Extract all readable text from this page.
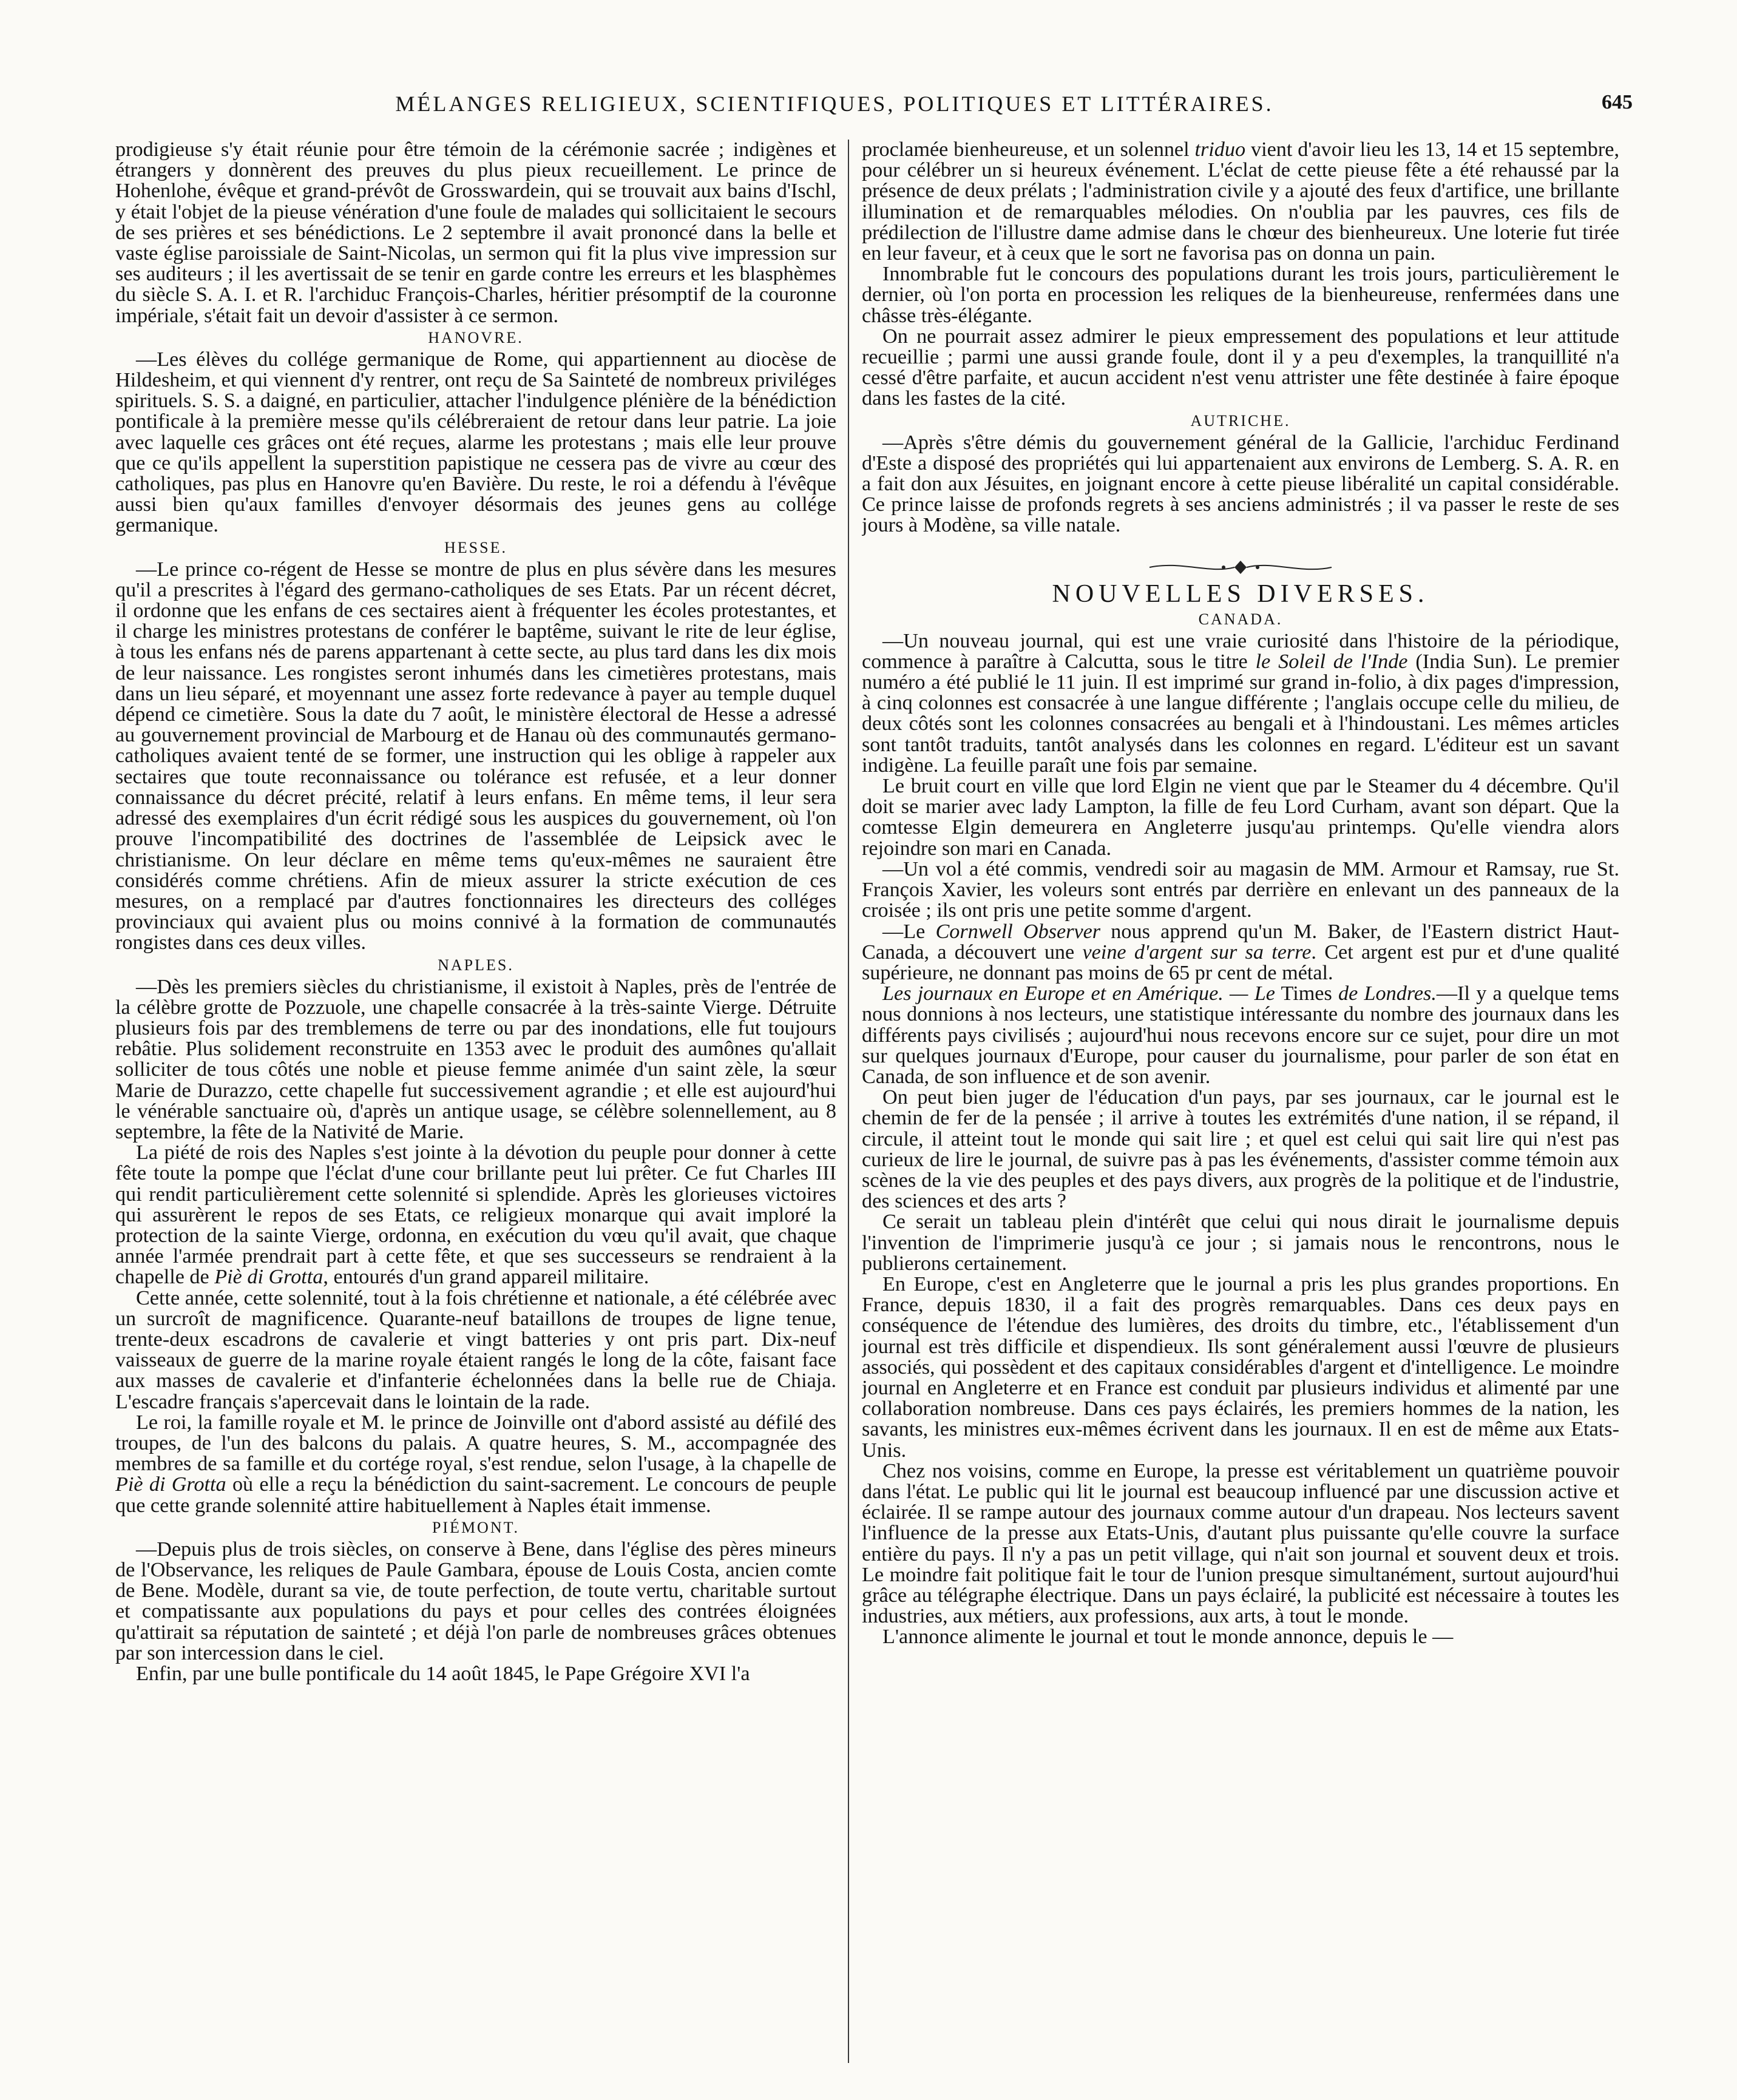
MÉLANGES RELIGIEUX, SCIENTIFIQUES, POLITIQUES ET LITTÉRAIRES.	645

prodigieuse s'y était réunie pour être témoin de la cérémonie sacrée ; indigènes et étrangers y donnèrent des preuves du plus pieux recueillement. Le prince de Hohenlohe, évêque et grand-prévôt de Grosswardein, qui se trouvait aux bains d'Ischl, y était l'objet de la pieuse vénération d'une foule de malades qui sollicitaient le secours de ses prières et ses bénédictions. Le 2 septembre il avait prononcé dans la belle et vaste église paroissiale de Saint-Nicolas, un sermon qui fit la plus vive impression sur ses auditeurs ; il les avertissait de se tenir en garde contre les erreurs et les blasphèmes du siècle S. A. I. et R. l'archiduc François-Charles, héritier présomptif de la couronne impériale, s'était fait un devoir d'assister à ce sermon.

HANOVRE.

—Les élèves du collége germanique de Rome, qui appartiennent au diocèse de Hildesheim, et qui viennent d'y rentrer, ont reçu de Sa Sainteté de nombreux priviléges spirituels. S. S. a daigné, en particulier, attacher l'indulgence plénière de la bénédiction pontificale à la première messe qu'ils célébreraient de retour dans leur patrie. La joie avec laquelle ces grâces ont été reçues, alarme les protestans ; mais elle leur prouve que ce qu'ils appellent la superstition papistique ne cessera pas de vivre au cœur des catholiques, pas plus en Hanovre qu'en Bavière. Du reste, le roi a défendu à l'évêque aussi bien qu'aux familles d'envoyer désormais des jeunes gens au collége germanique.

HESSE.

—Le prince co-régent de Hesse se montre de plus en plus sévère dans les mesures qu'il a prescrites à l'égard des germano-catholiques de ses Etats. Par un récent décret, il ordonne que les enfans de ces sectaires aient à fréquenter les écoles protestantes, et il charge les ministres protestans de conférer le baptême, suivant le rite de leur église, à tous les enfans nés de parens appartenant à cette secte, au plus tard dans les dix mois de leur naissance. Les rongistes seront inhumés dans les cimetières protestans, mais dans un lieu séparé, et moyennant une assez forte redevance à payer au temple duquel dépend ce cimetière. Sous la date du 7 août, le ministère électoral de Hesse a adressé au gouvernement provincial de Marbourg et de Hanau où des communautés germano-catholiques avaient tenté de se former, une instruction qui les oblige à rappeler aux sectaires que toute reconnaissance ou tolérance est refusée, et a leur donner connaissance du décret précité, relatif à leurs enfans. En même tems, il leur sera adressé des exemplaires d'un écrit rédigé sous les auspices du gouvernement, où l'on prouve l'incompatibilité des doctrines de l'assemblée de Leipsick avec le christianisme. On leur déclare en même tems qu'eux-mêmes ne sauraient être considérés comme chrétiens. Afin de mieux assurer la stricte exécution de ces mesures, on a remplacé par d'autres fonctionnaires les directeurs des colléges provinciaux qui avaient plus ou moins connivé à la formation de communautés rongistes dans ces deux villes.

NAPLES.

—Dès les premiers siècles du christianisme, il existoit à Naples, près de l'entrée de la célèbre grotte de Pozzuole, une chapelle consacrée à la très-sainte Vierge. Détruite plusieurs fois par des tremblemens de terre ou par des inondations, elle fut toujours rebâtie. Plus solidement reconstruite en 1353 avec le produit des aumônes qu'allait solliciter de tous côtés une noble et pieuse femme animée d'un saint zèle, la sœur Marie de Durazzo, cette chapelle fut successivement agrandie ; et elle est aujourd'hui le vénérable sanctuaire où, d'après un antique usage, se célèbre solennellement, au 8 septembre, la fête de la Nativité de Marie.

La piété de rois des Naples s'est jointe à la dévotion du peuple pour donner à cette fête toute la pompe que l'éclat d'une cour brillante peut lui prêter. Ce fut Charles III qui rendit particulièrement cette solennité si splendide. Après les glorieuses victoires qui assurèrent le repos de ses Etats, ce religieux monarque qui avait imploré la protection de la sainte Vierge, ordonna, en exécution du vœu qu'il avait, que chaque année l'armée prendrait part à cette fête, et que ses successeurs se rendraient à la chapelle de Piè di Grotta, entourés d'un grand appareil militaire.

Cette année, cette solennité, tout à la fois chrétienne et nationale, a été célébrée avec un surcroît de magnificence. Quarante-neuf bataillons de troupes de ligne tenue, trente-deux escadrons de cavalerie et vingt batteries y ont pris part. Dix-neuf vaisseaux de guerre de la marine royale étaient rangés le long de la côte, faisant face aux masses de cavalerie et d'infanterie échelonnées dans la belle rue de Chiaja. L'escadre français s'apercevait dans le lointain de la rade.

Le roi, la famille royale et M. le prince de Joinville ont d'abord assisté au défilé des troupes, de l'un des balcons du palais. A quatre heures, S. M., accompagnée des membres de sa famille et du cortége royal, s'est rendue, selon l'usage, à la chapelle de Piè di Grotta où elle a reçu la bénédiction du saint-sacrement. Le concours de peuple que cette grande solennité attire habituellement à Naples était immense.

PIÉMONT.

—Depuis plus de trois siècles, on conserve à Bene, dans l'église des pères mineurs de l'Observance, les reliques de Paule Gambara, épouse de Louis Costa, ancien comte de Bene. Modèle, durant sa vie, de toute perfection, de toute vertu, charitable surtout et compatissante aux populations du pays et pour celles des contrées éloignées qu'attirait sa réputation de sainteté ; et déjà l'on parle de nombreuses grâces obtenues par son intercession dans le ciel.

Enfin, par une bulle pontificale du 14 août 1845, le Pape Grégoire XVI l'a

proclamée bienheureuse, et un solennel triduo vient d'avoir lieu les 13, 14 et 15 septembre, pour célébrer un si heureux événement. L'éclat de cette pieuse fête a été rehaussé par la présence de deux prélats ; l'administration civile y a ajouté des feux d'artifice, une brillante illumination et de remarquables mélodies. On n'oublia par les pauvres, ces fils de prédilection de l'illustre dame admise dans le chœur des bienheureux. Une loterie fut tirée en leur faveur, et à ceux que le sort ne favorisa pas on donna un pain.

Innombrable fut le concours des populations durant les trois jours, particulièrement le dernier, où l'on porta en procession les reliques de la bienheureuse, renfermées dans une châsse très-élégante.

On ne pourrait assez admirer le pieux empressement des populations et leur attitude recueillie ; parmi une aussi grande foule, dont il y a peu d'exemples, la tranquillité n'a cessé d'être parfaite, et aucun accident n'est venu attrister une fête destinée à faire époque dans les fastes de la cité.

AUTRICHE.

—Après s'être démis du gouvernement général de la Gallicie, l'archiduc Ferdinand d'Este a disposé des propriétés qui lui appartenaient aux environs de Lemberg. S. A. R. en a fait don aux Jésuites, en joignant encore à cette pieuse libéralité un capital considérable. Ce prince laisse de profonds regrets à ses anciens administrés ; il va passer le reste de ses jours à Modène, sa ville natale.

NOUVELLES DIVERSES.
CANADA.

—Un nouveau journal, qui est une vraie curiosité dans l'histoire de la périodique, commence à paraître à Calcutta, sous le titre le Soleil de l'Inde (India Sun). Le premier numéro a été publié le 11 juin. Il est imprimé sur grand in-folio, à dix pages d'impression, à cinq colonnes est consacrée à une langue différente ; l'anglais occupe celle du milieu, de deux côtés sont les colonnes consacrées au bengali et à l'hindoustani. Les mêmes articles sont tantôt traduits, tantôt analysés dans les colonnes en regard. L'éditeur est un savant indigène. La feuille paraît une fois par semaine.

Le bruit court en ville que lord Elgin ne vient que par le Steamer du 4 décembre. Qu'il doit se marier avec lady Lampton, la fille de feu Lord Curham, avant son départ. Que la comtesse Elgin demeurera en Angleterre jusqu'au printemps. Qu'elle viendra alors rejoindre son mari en Canada.

—Un vol a été commis, vendredi soir au magasin de MM. Armour et Ramsay, rue St. François Xavier, les voleurs sont entrés par derrière en enlevant un des panneaux de la croisée ; ils ont pris une petite somme d'argent.

—Le Cornwell Observer nous apprend qu'un M. Baker, de l'Eastern district Haut-Canada, a découvert une veine d'argent sur sa terre. Cet argent est pur et d'une qualité supérieure, ne donnant pas moins de 65 pr cent de métal.

Les journaux en Europe et en Amérique. — Le Times de Londres.—Il y a quelque tems nous donnions à nos lecteurs, une statistique intéressante du nombre des journaux dans les différents pays civilisés ; aujourd'hui nous recevons encore sur ce sujet, pour dire un mot sur quelques journaux d'Europe, pour causer du journalisme, pour parler de son état en Canada, de son influence et de son avenir.

On peut bien juger de l'éducation d'un pays, par ses journaux, car le journal est le chemin de fer de la pensée ; il arrive à toutes les extrémités d'une nation, il se répand, il circule, il atteint tout le monde qui sait lire ; et quel est celui qui sait lire qui n'est pas curieux de lire le journal, de suivre pas à pas les événements, d'assister comme témoin aux scènes de la vie des peuples et des pays divers, aux progrès de la politique et de l'industrie, des sciences et des arts ?

Ce serait un tableau plein d'intérêt que celui qui nous dirait le journalisme depuis l'invention de l'imprimerie jusqu'à ce jour ; si jamais nous le rencontrons, nous le publierons certainement.

En Europe, c'est en Angleterre que le journal a pris les plus grandes proportions. En France, depuis 1830, il a fait des progrès remarquables. Dans ces deux pays en conséquence de l'étendue des lumières, des droits du timbre, etc., l'établissement d'un journal est très difficile et dispendieux. Ils sont généralement aussi l'œuvre de plusieurs associés, qui possèdent et des capitaux considérables d'argent et d'intelligence. Le moindre journal en Angleterre et en France est conduit par plusieurs individus et alimenté par une collaboration nombreuse. Dans ces pays éclairés, les premiers hommes de la nation, les savants, les ministres eux-mêmes écrivent dans les journaux. Il en est de même aux Etats-Unis.

Chez nos voisins, comme en Europe, la presse est véritablement un quatrième pouvoir dans l'état. Le public qui lit le journal est beaucoup influencé par une discussion active et éclairée. Il se rampe autour des journaux comme autour d'un drapeau. Nos lecteurs savent l'influence de la presse aux Etats-Unis, d'autant plus puissante qu'elle couvre la surface entière du pays. Il n'y a pas un petit village, qui n'ait son journal et souvent deux et trois. Le moindre fait politique fait le tour de l'union presque simultanément, surtout aujourd'hui grâce au télégraphe électrique. Dans un pays éclairé, la publicité est nécessaire à toutes les industries, aux métiers, aux professions, aux arts, à tout le monde.

L'annonce alimente le journal et tout le monde annonce, depuis le —
